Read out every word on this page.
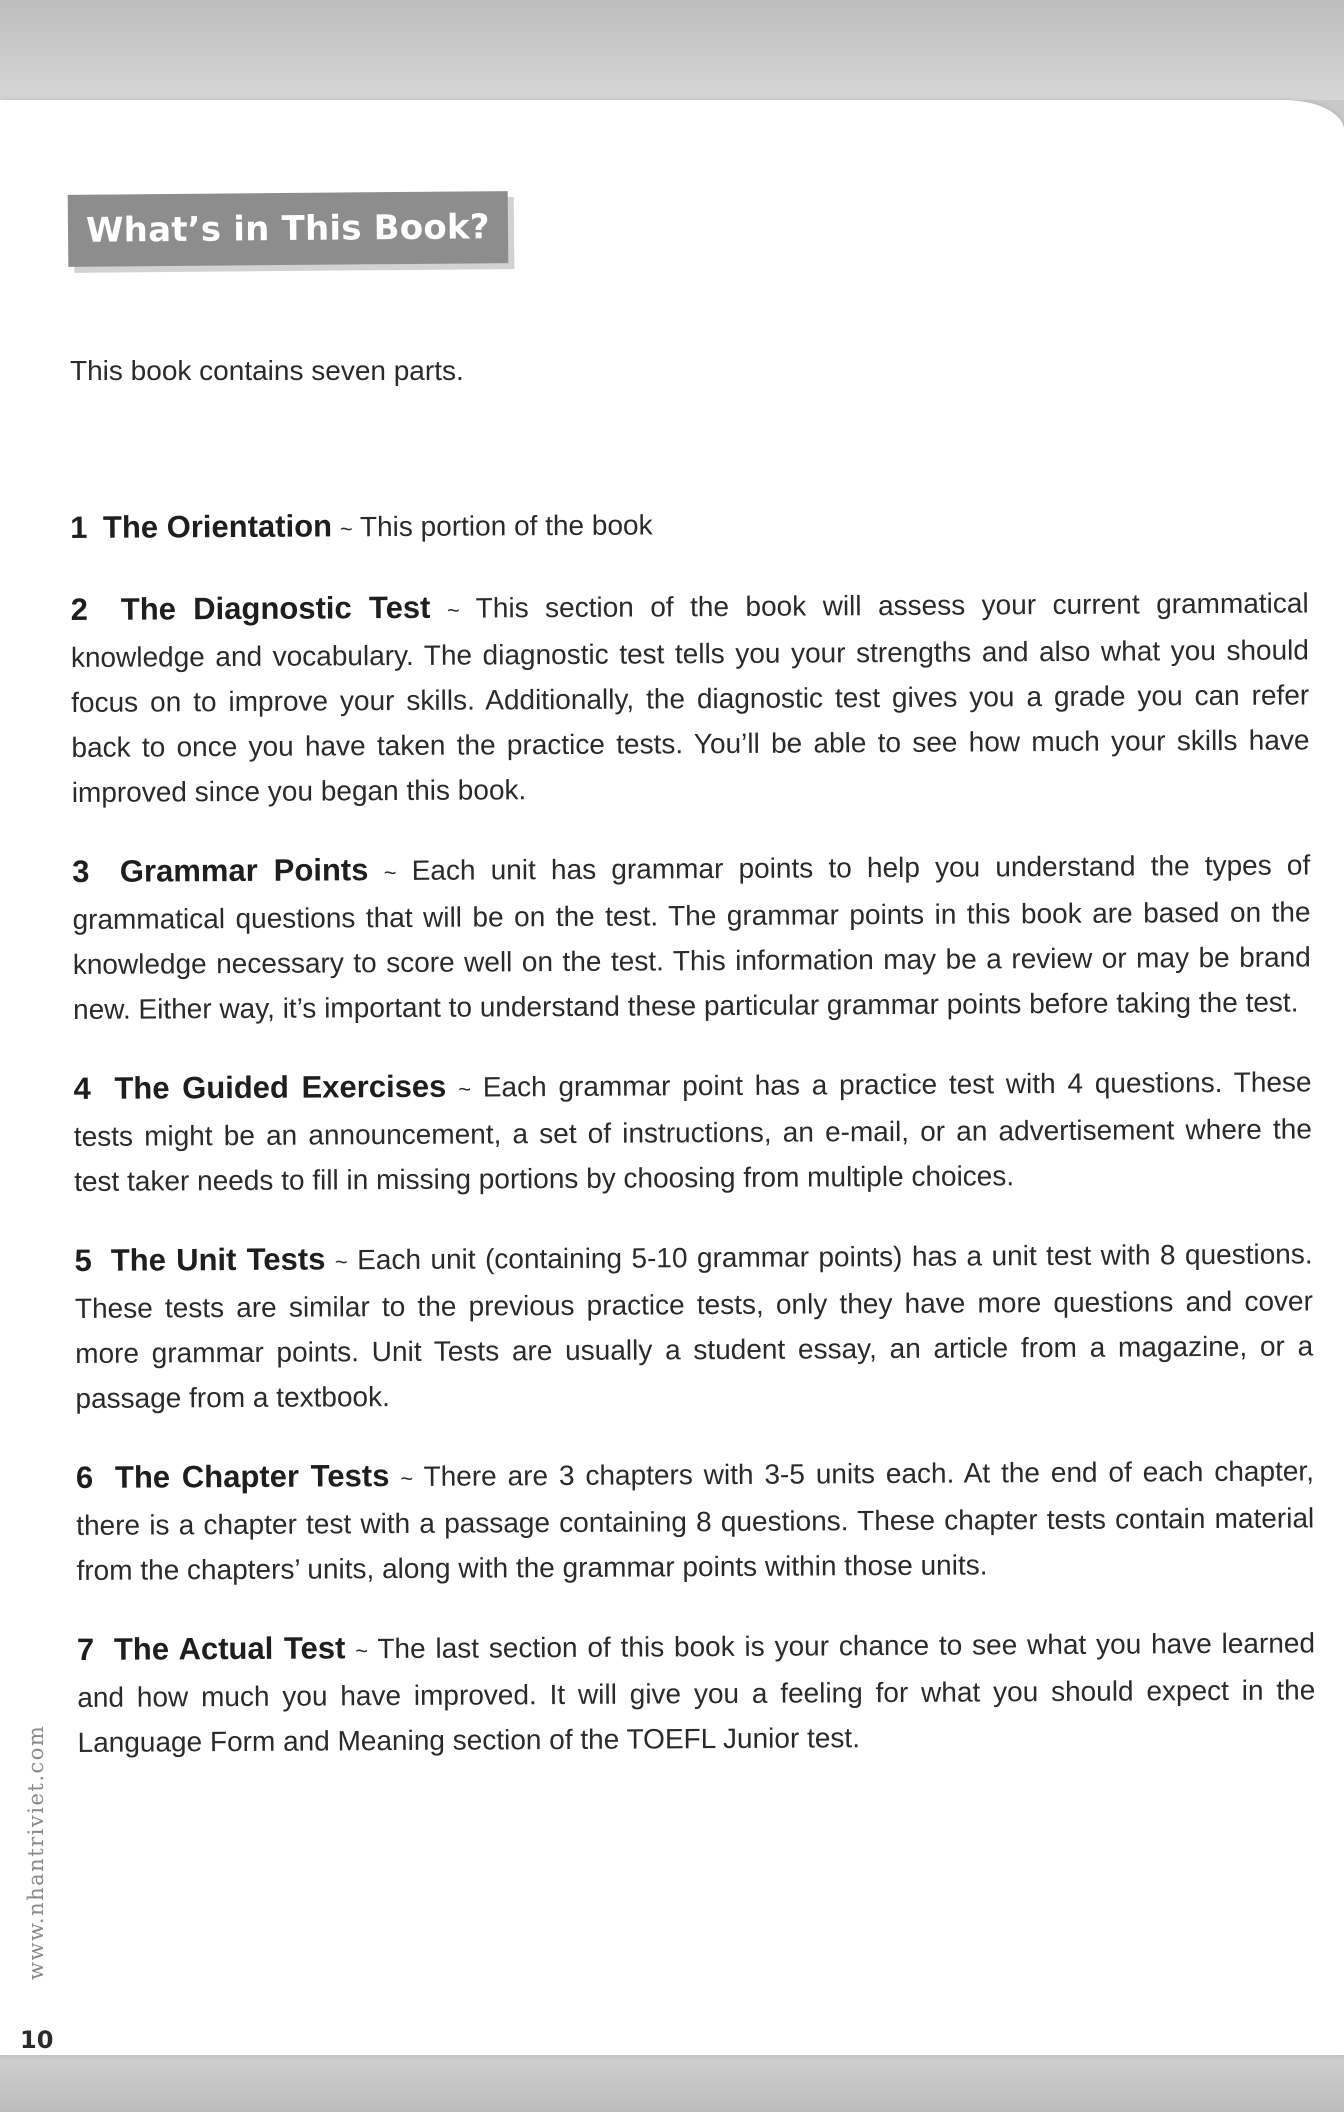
What’s in This Book?

This book contains seven parts.

1 The Orientation ~ This portion of the book

2 The Diagnostic Test ~ This section of the book will assess your current grammatical knowledge and vocabulary. The diagnostic test tells you your strengths and also what you should focus on to improve your skills. Additionally, the diagnostic test gives you a grade you can refer back to once you have taken the practice tests. You’ll be able to see how much your skills have improved since you began this book.

3 Grammar Points ~ Each unit has grammar points to help you understand the types of grammatical questions that will be on the test. The grammar points in this book are based on the knowledge necessary to score well on the test. This information may be a review or may be brand new. Either way, it’s important to understand these particular grammar points before taking the test.

4 The Guided Exercises ~ Each grammar point has a practice test with 4 questions. These tests might be an announcement, a set of instructions, an e-mail, or an advertisement where the test taker needs to fill in missing portions by choosing from multiple choices.

5 The Unit Tests ~ Each unit (containing 5-10 grammar points) has a unit test with 8 questions. These tests are similar to the previous practice tests, only they have more questions and cover more grammar points. Unit Tests are usually a student essay, an article from a magazine, or a passage from a textbook.

6 The Chapter Tests ~ There are 3 chapters with 3-5 units each. At the end of each chapter, there is a chapter test with a passage containing 8 questions. These chapter tests contain material from the chapters’ units, along with the grammar points within those units.

7 The Actual Test ~ The last section of this book is your chance to see what you have learned and how much you have improved. It will give you a feeling for what you should expect in the Language Form and Meaning section of the TOEFL Junior test.

www.nhantriviet.com
10
